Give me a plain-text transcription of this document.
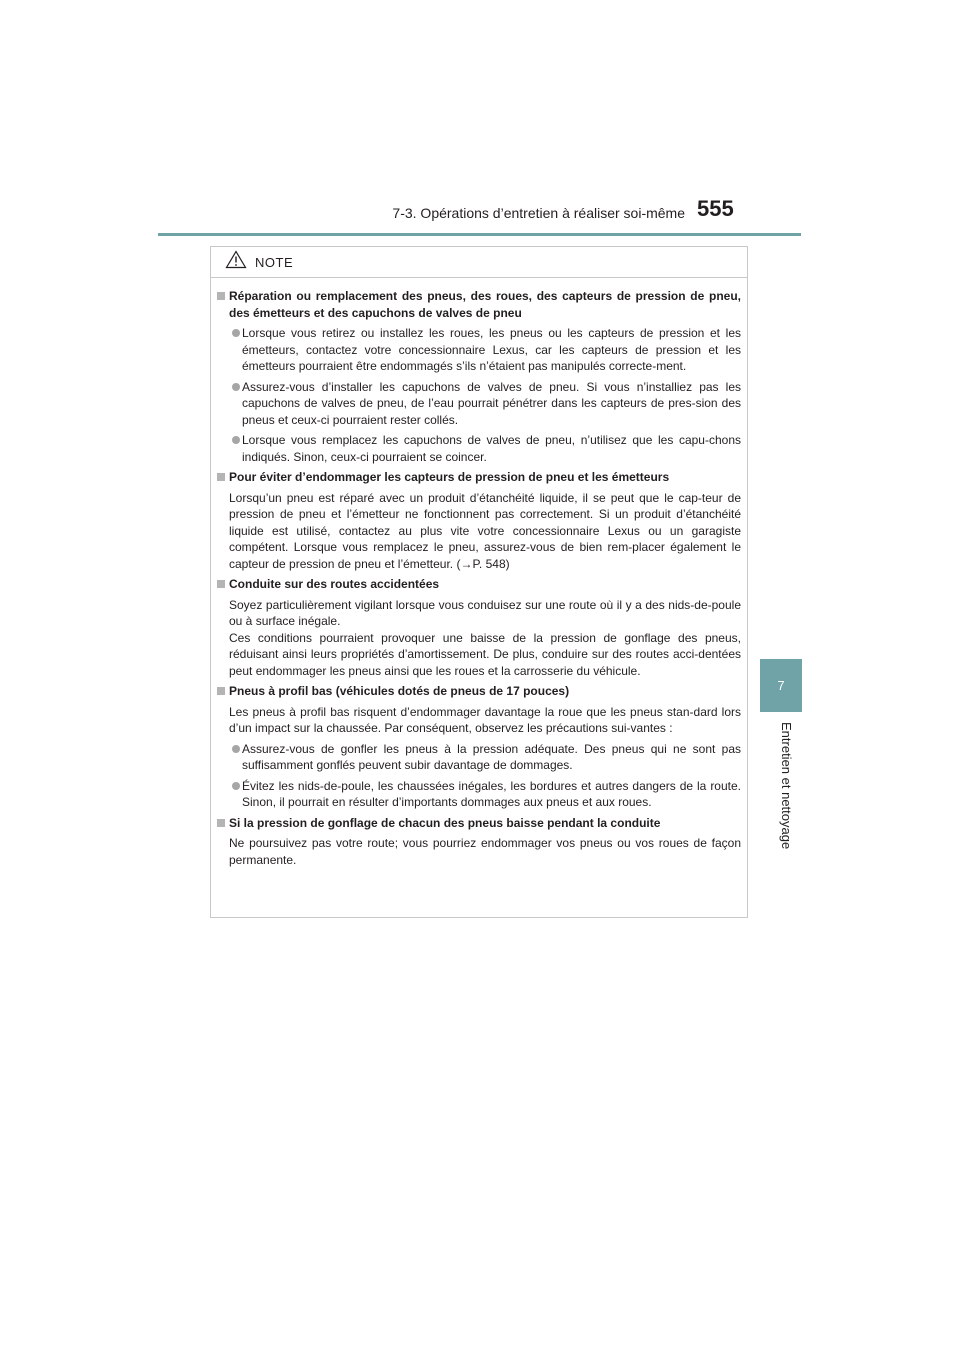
7-3. Opérations d’entretien à réaliser soi-même 555
7
Entretien et nettoyage
NOTE
Réparation ou remplacement des pneus, des roues, des capteurs de pression de pneu, des émetteurs et des capuchons de valves de pneu
Lorsque vous retirez ou installez les roues, les pneus ou les capteurs de pression et les émetteurs, contactez votre concessionnaire Lexus, car les capteurs de pression et les émetteurs pourraient être endommagés s’ils n’étaient pas manipulés correcte-ment.
Assurez-vous d’installer les capuchons de valves de pneu. Si vous n’installiez pas les capuchons de valves de pneu, de l’eau pourrait pénétrer dans les capteurs de pres-sion des pneus et ceux-ci pourraient rester collés.
Lorsque vous remplacez les capuchons de valves de pneu, n’utilisez que les capu-chons indiqués. Sinon, ceux-ci pourraient se coincer.
Pour éviter d’endommager les capteurs de pression de pneu et les émetteurs
Lorsqu’un pneu est réparé avec un produit d’étanchéité liquide, il se peut que le cap-teur de pression de pneu et l’émetteur ne fonctionnent pas correctement. Si un produit d’étanchéité liquide est utilisé, contactez au plus vite votre concessionnaire Lexus ou un garagiste compétent. Lorsque vous remplacez le pneu, assurez-vous de bien rem-placer également le capteur de pression de pneu et l’émetteur. (→P. 548)
Conduite sur des routes accidentées
Soyez particulièrement vigilant lorsque vous conduisez sur une route où il y a des nids-de-poule ou à surface inégale.
Ces conditions pourraient provoquer une baisse de la pression de gonflage des pneus, réduisant ainsi leurs propriétés d’amortissement. De plus, conduire sur des routes acci-dentées peut endommager les pneus ainsi que les roues et la carrosserie du véhicule.
Pneus à profil bas (véhicules dotés de pneus de 17 pouces)
Les pneus à profil bas risquent d’endommager davantage la roue que les pneus stan-dard lors d’un impact sur la chaussée. Par conséquent, observez les précautions sui-vantes :
Assurez-vous de gonfler les pneus à la pression adéquate. Des pneus qui ne sont pas suffisamment gonflés peuvent subir davantage de dommages.
Évitez les nids-de-poule, les chaussées inégales, les bordures et autres dangers de la route. Sinon, il pourrait en résulter d’importants dommages aux pneus et aux roues.
Si la pression de gonflage de chacun des pneus baisse pendant la conduite
Ne poursuivez pas votre route; vous pourriez endommager vos pneus ou vos roues de façon permanente.
